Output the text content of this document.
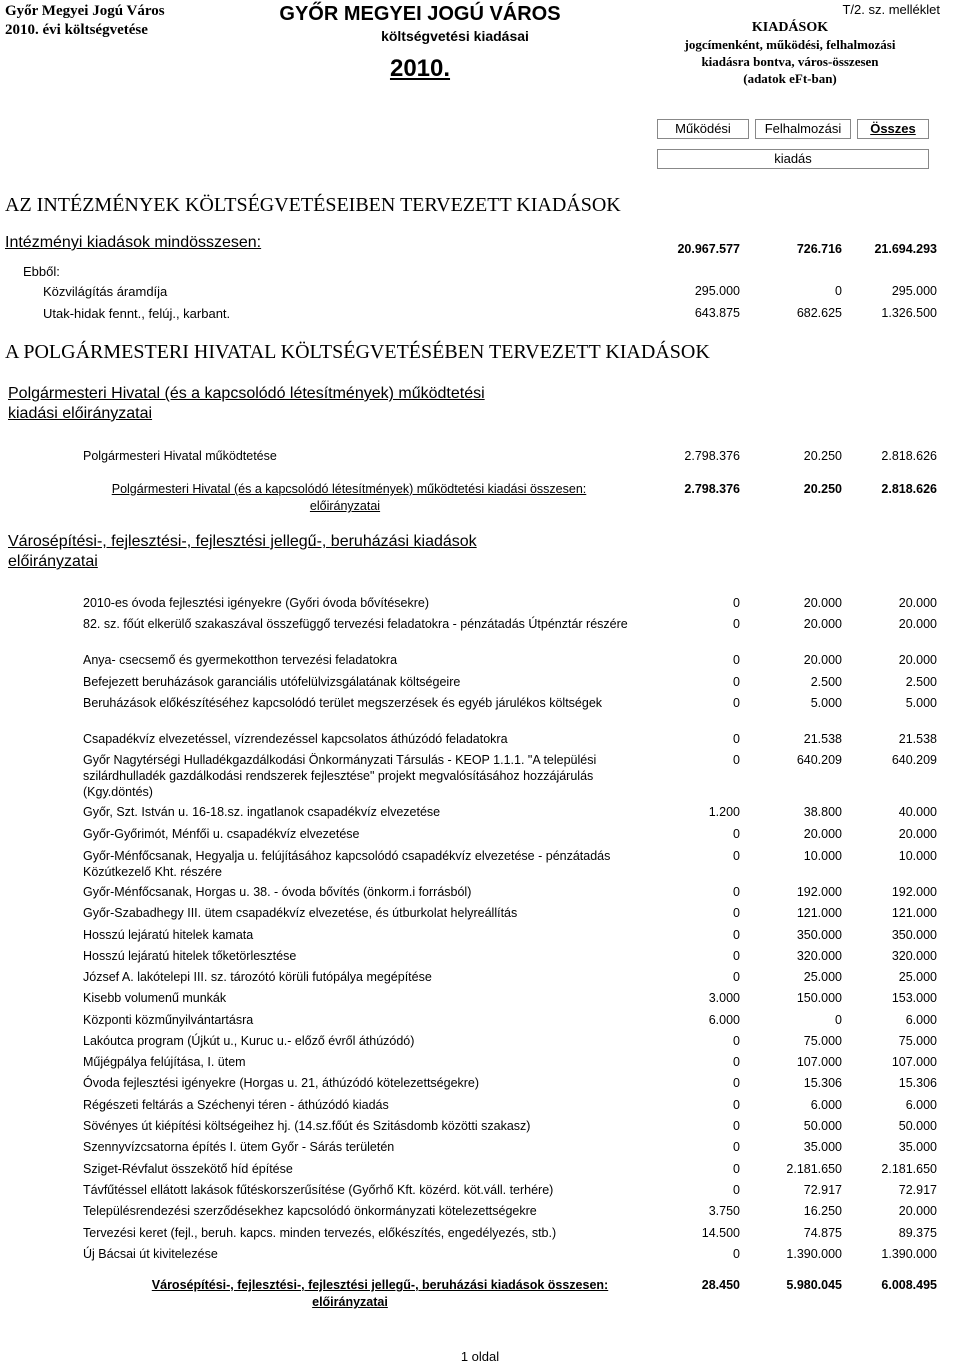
Győr Megyei Jogú Város
2010. évi költségvetése
GYŐR MEGYEI JOGÚ VÁROS
költségvetési kiadásai
2010.
T/2. sz. melléklet
KIADÁSOK
jogcímenként, működési, felhalmozási
kiadásra bontva, város-összesen
(adatok eFt-ban)
Működési	Felhalmozási	Összes
kiadás
AZ INTÉZMÉNYEK KÖLTSÉGVETÉSEIBEN TERVEZETT KIADÁSOK
Intézményi kiadások mindösszesen:	20.967.577	726.716	21.694.293
Ebből:
Közvilágítás áramdíja	295.000	0	295.000
Utak-hidak fennt., felúj., karbant.	643.875	682.625	1.326.500
A POLGÁRMESTERI HIVATAL KÖLTSÉGVETÉSÉBEN TERVEZETT KIADÁSOK
Polgármesteri Hivatal (és a kapcsolódó létesítmények) működtetési
kiadási előirányzatai
Polgármesteri Hivatal működtetése	2.798.376	20.250	2.818.626
Polgármesteri Hivatal (és a kapcsolódó létesítmények) működtetési kiadási összesen:
előirányzatai
2.798.376	20.250	2.818.626
Városépítési-, fejlesztési-, fejlesztési jellegű-, beruházási kiadások
előirányzatai
2010-es óvoda fejlesztési igényekre (Győri óvoda bővítésekre)	0	20.000	20.000
82. sz. főút elkerülő szakaszával összefüggő tervezési feladatokra - pénzátadás Útpénztár részére	0	20.000	20.000
Anya- csecsemő és gyermekotthon tervezési feladatokra	0	20.000	20.000
Befejezett beruházások garanciális utófelülvizsgálatának költségeire	0	2.500	2.500
Beruházások előkészítéséhez kapcsolódó terület megszerzések és egyéb járulékos költségek	0	5.000	5.000
Csapadékvíz elvezetéssel, vízrendezéssel kapcsolatos áthúzódó feladatokra	0	21.538	21.538
Győr Nagytérségi Hulladékgazdálkodási Önkormányzati Társulás - KEOP 1.1.1. "A települési szilárdhulladék gazdálkodási rendszerek fejlesztése" projekt megvalósításához hozzájárulás (Kgy.döntés)
0	640.209	640.209
Győr, Szt. István u. 16-18.sz. ingatlanok csapadékvíz elvezetése	1.200	38.800	40.000
Győr-Győrimót, Ménfői u. csapadékvíz elvezetése	0	20.000	20.000
Győr-Ménfőcsanak, Hegyalja u. felújításához kapcsolódó csapadékvíz elvezetése - pénzátadás Közútkezelő Kht. részére
0	10.000	10.000
Győr-Ménfőcsanak, Horgas u. 38. - óvoda bővítés (önkorm.i forrásból)	0	192.000	192.000
Győr-Szabadhegy III. ütem csapadékvíz elvezetése, és útburkolat helyreállítás	0	121.000	121.000
Hosszú lejáratú hitelek kamata	0	350.000	350.000
Hosszú lejáratú hitelek tőketörlesztése	0	320.000	320.000
József A. lakótelepi III. sz. tározótó körüli futópálya megépítése	0	25.000	25.000
Kisebb volumenű munkák	3.000	150.000	153.000
Központi közműnyilvántartásra	6.000	0	6.000
Lakóutca program (Újkút u., Kuruc u.- előző évről áthúzódó)	0	75.000	75.000
Műjégpálya felújítása, I. ütem	0	107.000	107.000
Óvoda fejlesztési igényekre (Horgas u. 21, áthúzódó kötelezettségekre)	0	15.306	15.306
Régészeti feltárás a Széchenyi téren - áthúzódó kiadás	0	6.000	6.000
Sövényes út kiépítési költségeihez hj. (14.sz.főút és Szitásdomb közötti szakasz)	0	50.000	50.000
Szennyvízcsatorna építés I. ütem Győr - Sárás területén	0	35.000	35.000
Sziget-Révfalut összekötő híd építése	0	2.181.650	2.181.650
Távfűtéssel ellátott lakások fűtéskorszerűsítése (Győrhő Kft. közérd. köt.váll. terhére)	0	72.917	72.917
Településrendezési szerződésekhez kapcsolódó önkormányzati kötelezettségekre	3.750	16.250	20.000
Tervezési keret (fejl., beruh. kapcs. minden tervezés, előkészítés, engedélyezés, stb.)	14.500	74.875	89.375
Új Bácsai út kivitelezése	0	1.390.000	1.390.000
Városépítési-, fejlesztési-, fejlesztési jellegű-, beruházási kiadások összesen:
előirányzatai
28.450	5.980.045	6.008.495
1 oldal
